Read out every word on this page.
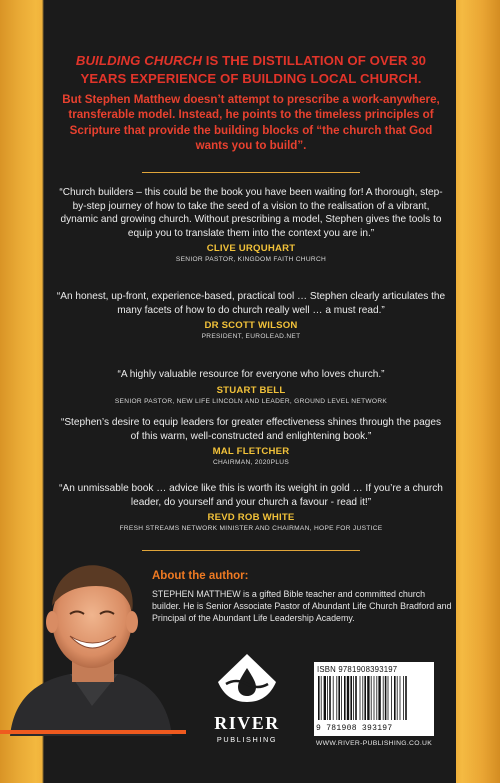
BUILDING CHURCH IS THE DISTILLATION OF OVER 30 YEARS EXPERIENCE OF BUILDING LOCAL CHURCH.

But Stephen Matthew doesn’t attempt to prescribe a work-anywhere, transferable model. Instead, he points to the timeless principles of Scripture that provide the building blocks of “the church that God wants you to build”.

“Church builders – this could be the book you have been waiting for! A thorough, step-by-step journey of how to take the seed of a vision to the realisation of a vibrant, dynamic and growing church. Without prescribing a model, Stephen gives the tools to equip you to translate them into the context you are in.”

CLIVE URQUHART

SENIOR PASTOR, KINGDOM FAITH CHURCH

“An honest, up-front, experience-based, practical tool … Stephen clearly articulates the many facets of how to do church really well … a must read.”

DR SCOTT WILSON

PRESIDENT, EUROLEAD.NET

“A highly valuable resource for everyone who loves church.”

STUART BELL

SENIOR PASTOR, NEW LIFE LINCOLN AND LEADER, GROUND LEVEL NETWORK

“Stephen’s desire to equip leaders for greater effectiveness shines through the pages of this warm, well-constructed and enlightening book.”

MAL FLETCHER

CHAIRMAN, 2020PLUS

“An unmissable book … advice like this is worth its weight in gold … If you’re a church leader, do yourself and your church a favour - read it!”

REVD ROB WHITE

FRESH STREAMS NETWORK MINISTER AND CHAIRMAN, HOPE FOR JUSTICE

About the author:

STEPHEN MATTHEW is a gifted Bible teacher and committed church builder. He is Senior Associate Pastor of Abundant Life Church Bradford and Principal of the Abundant Life Leadership Academy.

RIVER
PUBLISHING
ISBN 9781908393197
9 781908 393197
WWW.RIVER-PUBLISHING.CO.UK
